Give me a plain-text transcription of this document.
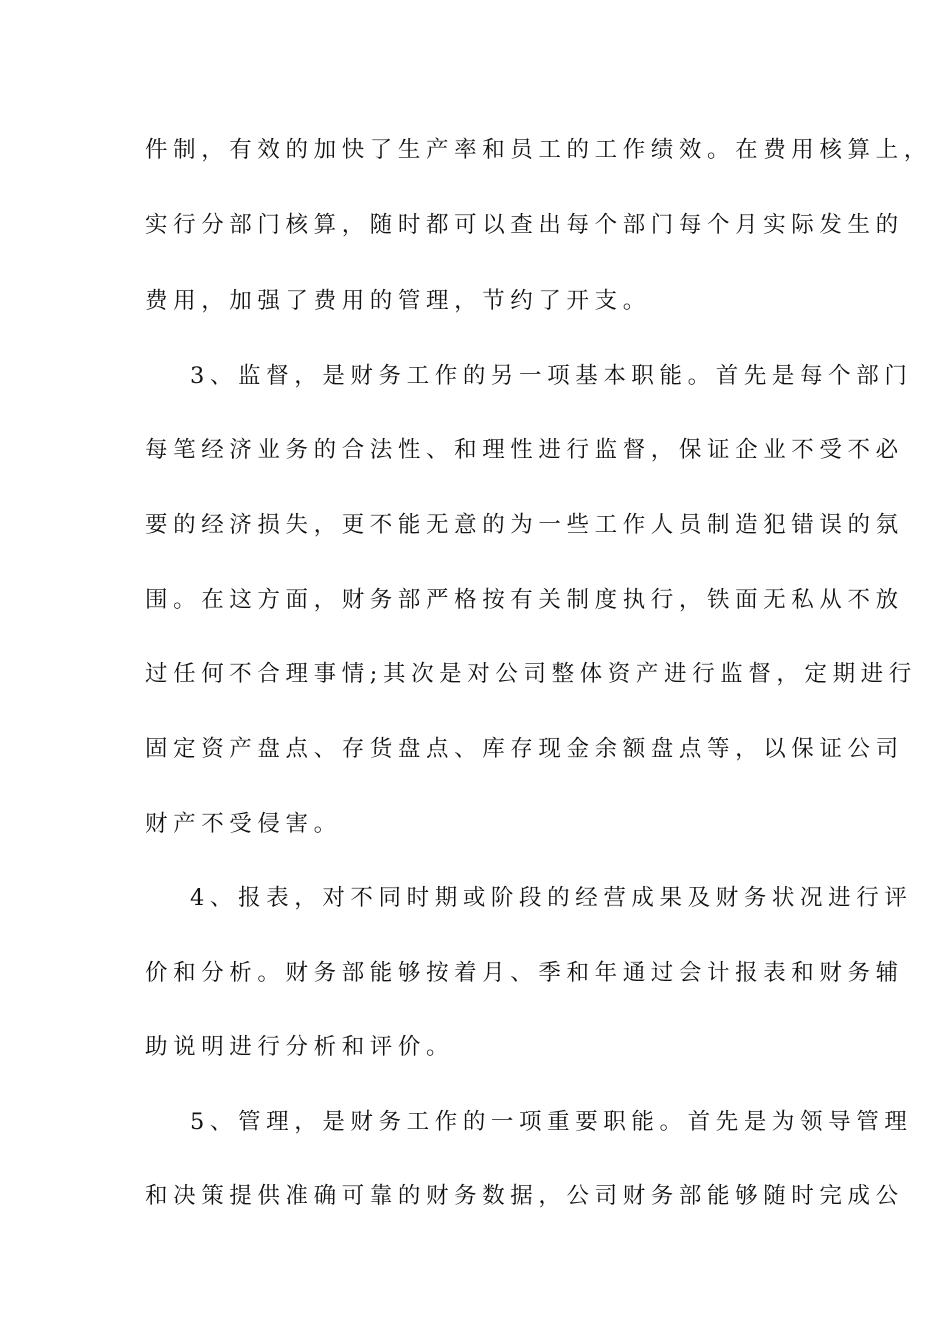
件制，有效的加快了生产率和员工的工作绩效。在费用核算上，
实行分部门核算，随时都可以查出每个部门每个月实际发生的
费用，加强了费用的管理，节约了开支。
3、监督，是财务工作的另一项基本职能。首先是每个部门
每笔经济业务的合法性、和理性进行监督，保证企业不受不必
要的经济损失，更不能无意的为一些工作人员制造犯错误的氛
围。在这方面，财务部严格按有关制度执行，铁面无私从不放
过任何不合理事情;其次是对公司整体资产进行监督，定期进行
固定资产盘点、存货盘点、库存现金余额盘点等，以保证公司
财产不受侵害。
4、报表，对不同时期或阶段的经营成果及财务状况进行评
价和分析。财务部能够按着月、季和年通过会计报表和财务辅
助说明进行分析和评价。
5、管理，是财务工作的一项重要职能。首先是为领导管理
和决策提供准确可靠的财务数据，公司财务部能够随时完成公
